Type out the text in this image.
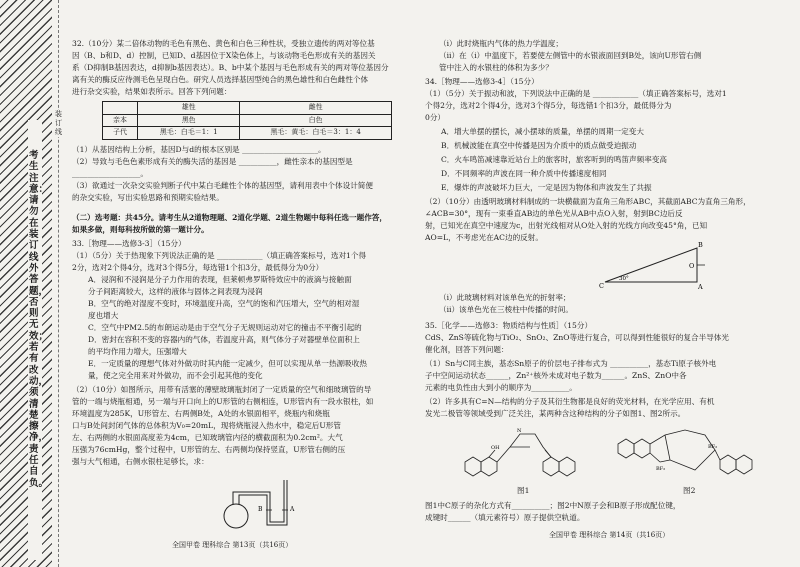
考生注意：请勿在装订线外答题，否则无效；若有改动，须清楚擦净，责任自负。
装订线
32.（10分）某二倍体动物的毛色有黑色、黄色和白色三种性状，受独立遗传的两对等位基
因（B、b和D、d）控制，已知D、d基因位于X染色体上，与该动物毛色形成有关的基因关
系（D抑制B基因表达，d抑制b基因表达）。B、b中某个基因与毛色形成有关的两对等位基因分
离有关的酶反应待测毛色呈现白色。研究人员选择基因型纯合的黑色雄性和白色雌性个体
进行杂交实验，结果如表所示。回答下列问题：
	雄性	雌性
亲本	黑色	白色
子代	黑毛：白毛＝1：1	黑毛：黄毛：白毛＝3：1：4
（1）从基因结构上分析，基因D与d的根本区别是 ____________________。
（2）导致与毛色色素形成有关的酶失活的基因是 __________，雌性亲本的基因型是
__________________。
（3）欲通过一次杂交实验判断子代中某白毛雌性个体的基因型，请利用表中个体设计简便
的杂交实验，写出实验思路和预期实验结果。
（二）选考题：共45分。请考生从2道物理题、2道化学题、2道生物题中每科任选一题作答，
如果多做，则每科按所做的第一题计分。
33.［物理——选修3-3］（15分）
（1）（5分）关于热现象下列说法正确的是 ____________（填正确答案标号，选对1个得
2分，选对2个得4分，选对3个得5分，每选错1个扣3分，最低得分为0分）
A．浸润和不浸润是分子力作用的表现，但莱顿弗罗斯特效应中的液滴与接触面
分子间距离较大，这样的液体与固体之间表现为浸润
B．空气的绝对湿度不变时，环境温度升高，空气的饱和汽压增大，空气的相对湿
度也增大
C．空气中PM2.5的布朗运动是由于空气分子无规则运动对它的撞击不平衡引起的
D．密封在容积不变的容器内的气体，若温度升高，则气体分子对器壁单位面积上
的平均作用力增大，压强增大
E．一定质量的理想气体对外做功时其内能一定减少，但可以实现从单一热源吸收热
量，使之完全用来对外做功，而不会引起其他的变化
（2）（10分）如图所示，用带有活塞的薄壁玻璃瓶封闭了一定质量的空气和细玻璃管的导
管的一端与烧瓶相通，另一端与开口向上的U形管的右侧相连，U形管内有一段水银柱，如
环境温度为285K，U形管左、右两侧B处，A处的水银面相平，烧瓶内和烧瓶
口与B处间封闭气体的总体积为V₀=20mL，现将烧瓶浸入热水中，稳定后U形管
左、右两侧的水银面高度差为4cm，已知玻璃管内径的横截面积为0.2cm²。大气
压强为76cmHg，整个过程中，U形管的左、右两侧均保持竖直，U形管右侧的压
强与大气相通，右侧水银柱足够长，求：
B	A
全国甲卷 理科综合 第13页（共16页）
（i）此时烧瓶内气体的热力学温度；
（ii）在（i）中温度下，若要使左侧管中的水银液面回到B处，该向U形管右侧
管中注入的水银柱的体积为多少？
34.［物理——选修3-4］（15分）
（1）（5分）关于振动和波，下列说法中正确的是 ____________（填正确答案标号，选对1
个得2分，选对2个得4分，选对3个得5分，每选错1个扣3分，最低得分为
0分）
A．增大单摆的摆长，减小摆球的质量，单摆的周期一定变大
B．机械波能在真空中传播是因为介质中的质点做受迫振动
C．火车鸣笛减速靠近站台上的旅客时，旅客听到的鸣笛声频率变高
D．不同频率的声波在同一种介质中传播速度相同
E．爆炸的声波破坏力巨大，一定是因为物体和声波发生了共振
（2）（10分）由透明玻璃材料制成的一块横截面为直角三角形ABC，其截面ABC为直角三角形，
∠ACB=30°，现有一束垂直AB边的单色光从AB中点O入射，射到BC边后反
射，已知光在真空中速度为c，出射光线相对从O处入射的光线方向改变45°角，已知
AO=L，不考虑光在AC边的反射。
C
B
A
O
30°
（i）此玻璃材料对该单色光的折射率；
（ii）该单色光在三棱柱中传播的时间。
35.［化学——选修3：物质结构与性质］（15分）
CdS、ZnS等硫化物与TiO₂、SnO₂、ZnO等进行复合，可以得到性能很好的复合半导体光
催化剂，回答下列问题：
（1）Sn与C同主族，基态Sn原子的价层电子排布式为 __________，基态Ti原子核外电
子中空间运动状态______，Zn²⁺核外未成对电子数为______。ZnS、ZnO中各
元素的电负性由大到小的顺序为__________。
（2）许多具有C=N—结构的分子及其衍生物都是良好的荧光材料，在光学应用、有机
发光二极管等领域受到广泛关注，某两种含这种结构的分子如图1、图2所示。
N
OH
BF₂
BF₂
图1	图2
图1中C原子的杂化方式有__________；图2中N原子会和B原子形成配位键，
成键时______（填元素符号）原子提供空轨道。
全国甲卷 理科综合 第14页（共16页）
